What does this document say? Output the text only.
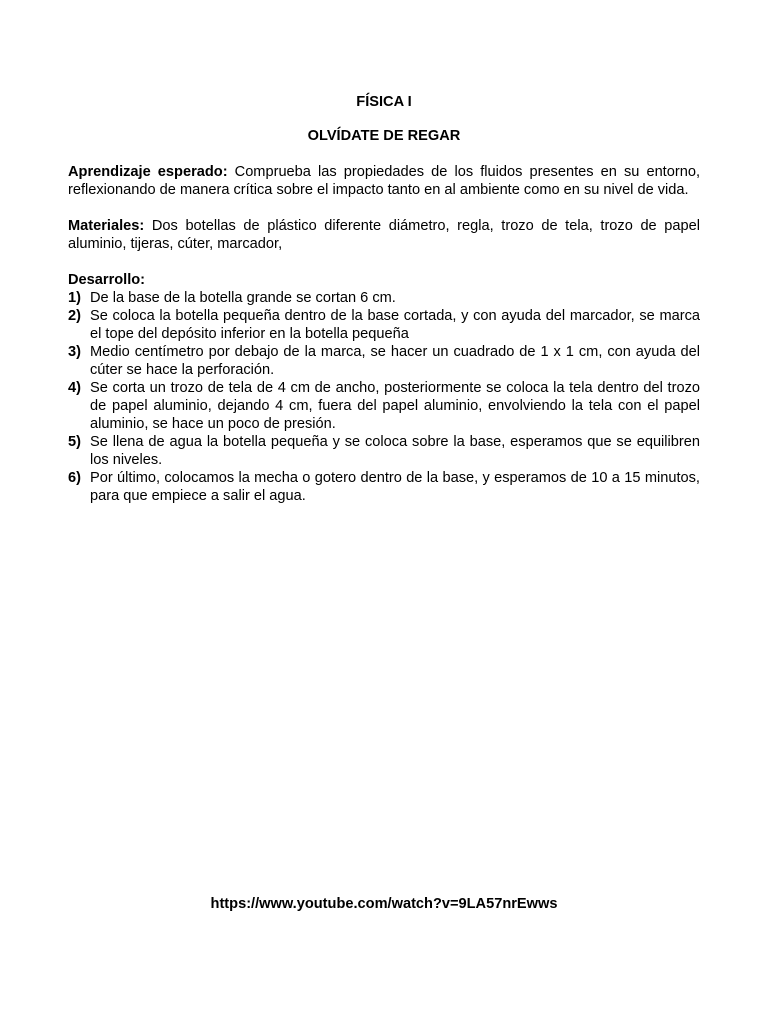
FÍSICA I

OLVÍDATE DE REGAR

Aprendizaje esperado: Comprueba las propiedades de los fluidos presentes en su entorno, reflexionando de manera crítica sobre el impacto tanto en al ambiente como en su nivel de vida.

Materiales: Dos botellas de plástico diferente diámetro, regla, trozo de tela, trozo de papel aluminio, tijeras, cúter, marcador,

Desarrollo:

1) De la base de la botella grande se cortan 6 cm.
2) Se coloca la botella pequeña dentro de la base cortada, y con ayuda del marcador, se marca el tope del depósito inferior en la botella pequeña
3) Medio centímetro por debajo de la marca, se hacer un cuadrado de 1 x 1 cm, con ayuda del cúter se hace la perforación.
4) Se corta un trozo de tela de 4 cm de ancho, posteriormente se coloca la tela dentro del trozo de papel aluminio, dejando 4 cm, fuera del papel aluminio, envolviendo la tela con el papel aluminio, se hace un poco de presión.
5) Se llena de agua la botella pequeña y se coloca sobre la base, esperamos que se equilibren los niveles.
6) Por último, colocamos la mecha o gotero dentro de la base, y esperamos de 10 a 15 minutos, para que empiece a salir el agua.
https://www.youtube.com/watch?v=9LA57nrEwws
